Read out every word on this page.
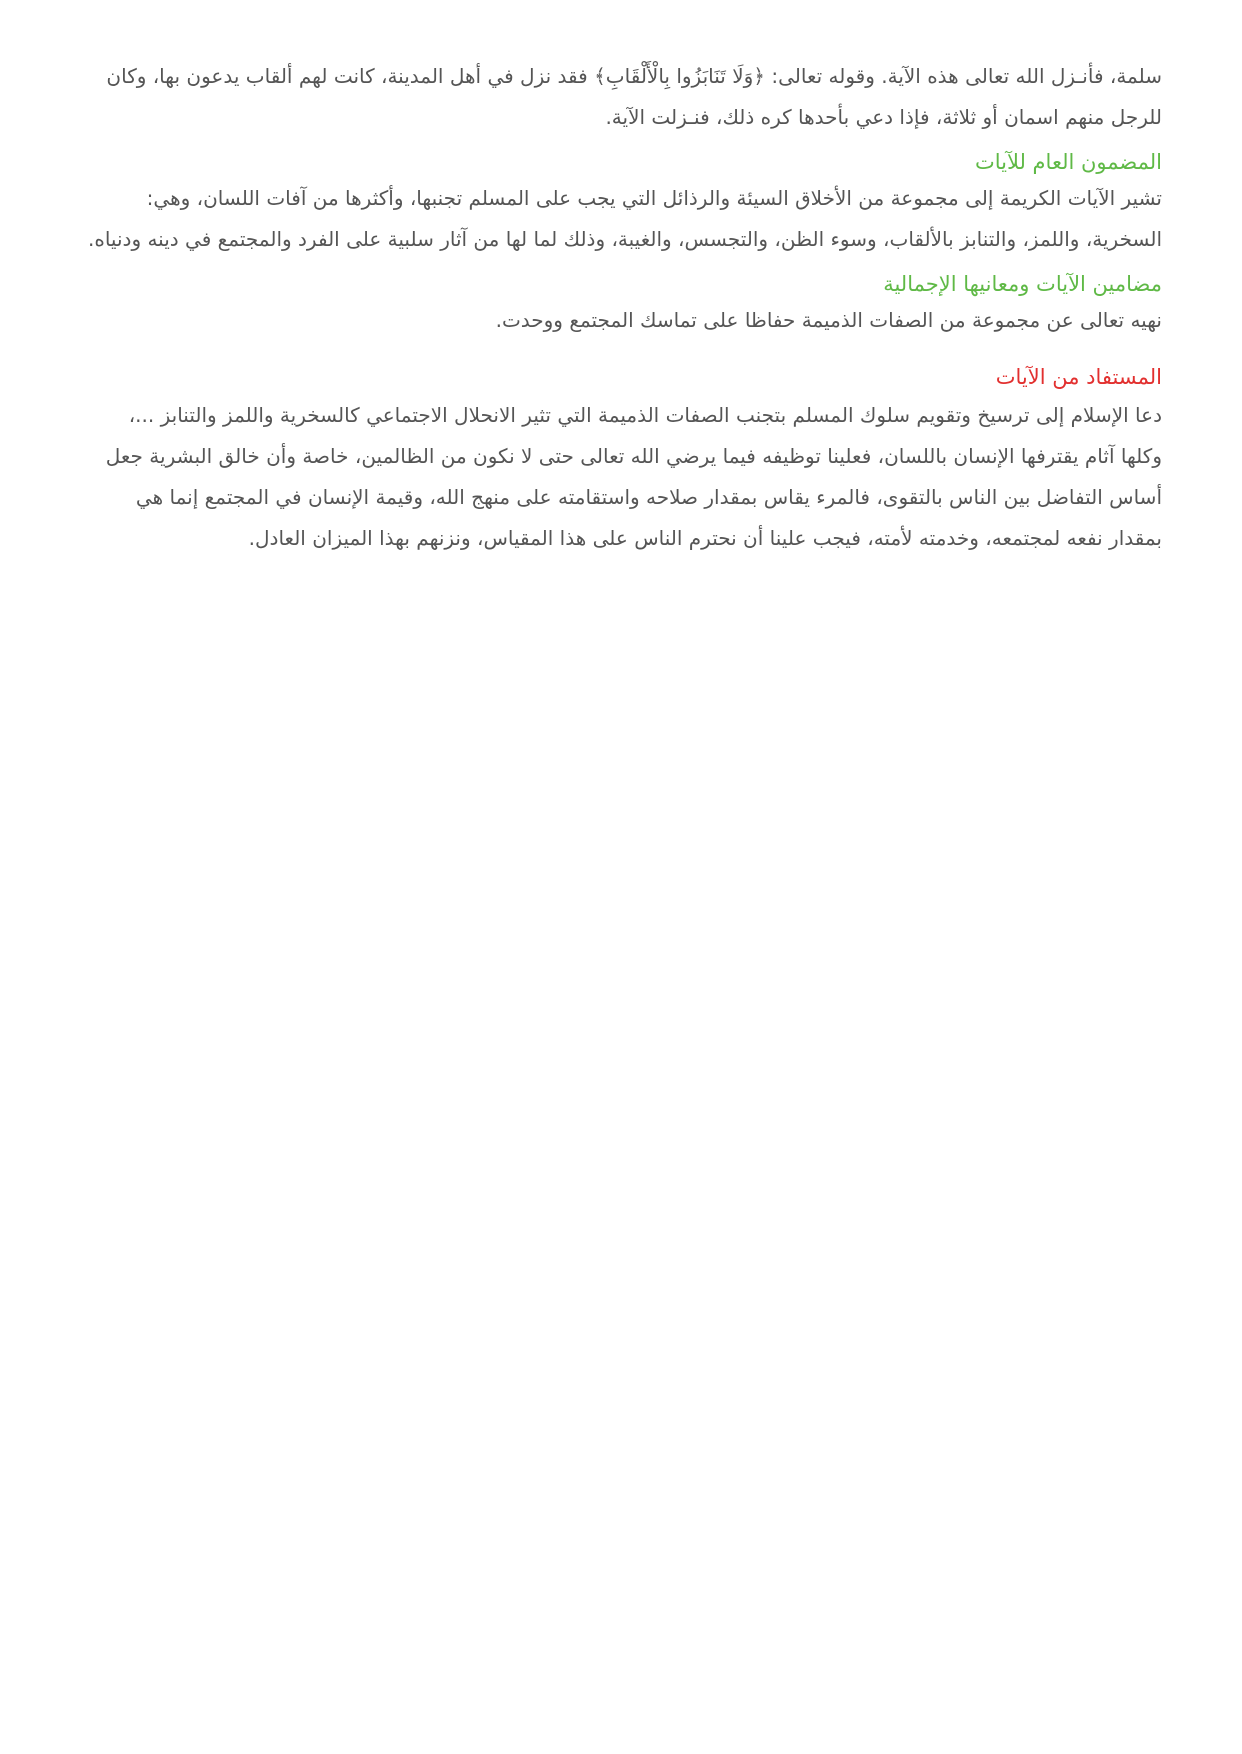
سلمة، فأنـزل الله تعالى هذه الآية. وقوله تعالى: ﴿وَلَا تَنَابَزُوا بِالْأَلْقَابِ﴾ فقد نزل في أهل المدينة، كانت لهم ألقاب يدعون بها، وكان
للرجل منهم اسمان أو ثلاثة، فإذا دعي بأحدها كره ذلك، فنـزلت الآية.

المضمون العام للآيات

تشير الآيات الكريمة إلى مجموعة من الأخلاق السيئة والرذائل التي يجب على المسلم تجنبها، وأكثرها من آفات اللسان، وهي:
السخرية، واللمز، والتنابز بالألقاب، وسوء الظن، والتجسس، والغيبة، وذلك لما لها من آثار سلبية على الفرد والمجتمع في دينه ودنياه.

مضامين الآيات ومعانيها الإجمالية

نهيه تعالى عن مجموعة من الصفات الذميمة حفاظا على تماسك المجتمع ووحدت.

المستفاد من الآيات

دعا الإسلام إلى ترسيخ وتقويم سلوك المسلم بتجنب الصفات الذميمة التي تثير الانحلال الاجتماعي كالسخرية واللمز والتنابز ...،
وكلها آثام يقترفها الإنسان باللسان، فعلينا توظيفه فيما يرضي الله تعالى حتى لا نكون من الظالمين، خاصة وأن خالق البشرية جعل
أساس التفاضل بين الناس بالتقوى، فالمرء يقاس بمقدار صلاحه واستقامته على منهج الله، وقيمة الإنسان في المجتمع إنما هي
بمقدار نفعه لمجتمعه، وخدمته لأمته، فيجب علينا أن نحترم الناس على هذا المقياس، ونزنهم بهذا الميزان العادل.
